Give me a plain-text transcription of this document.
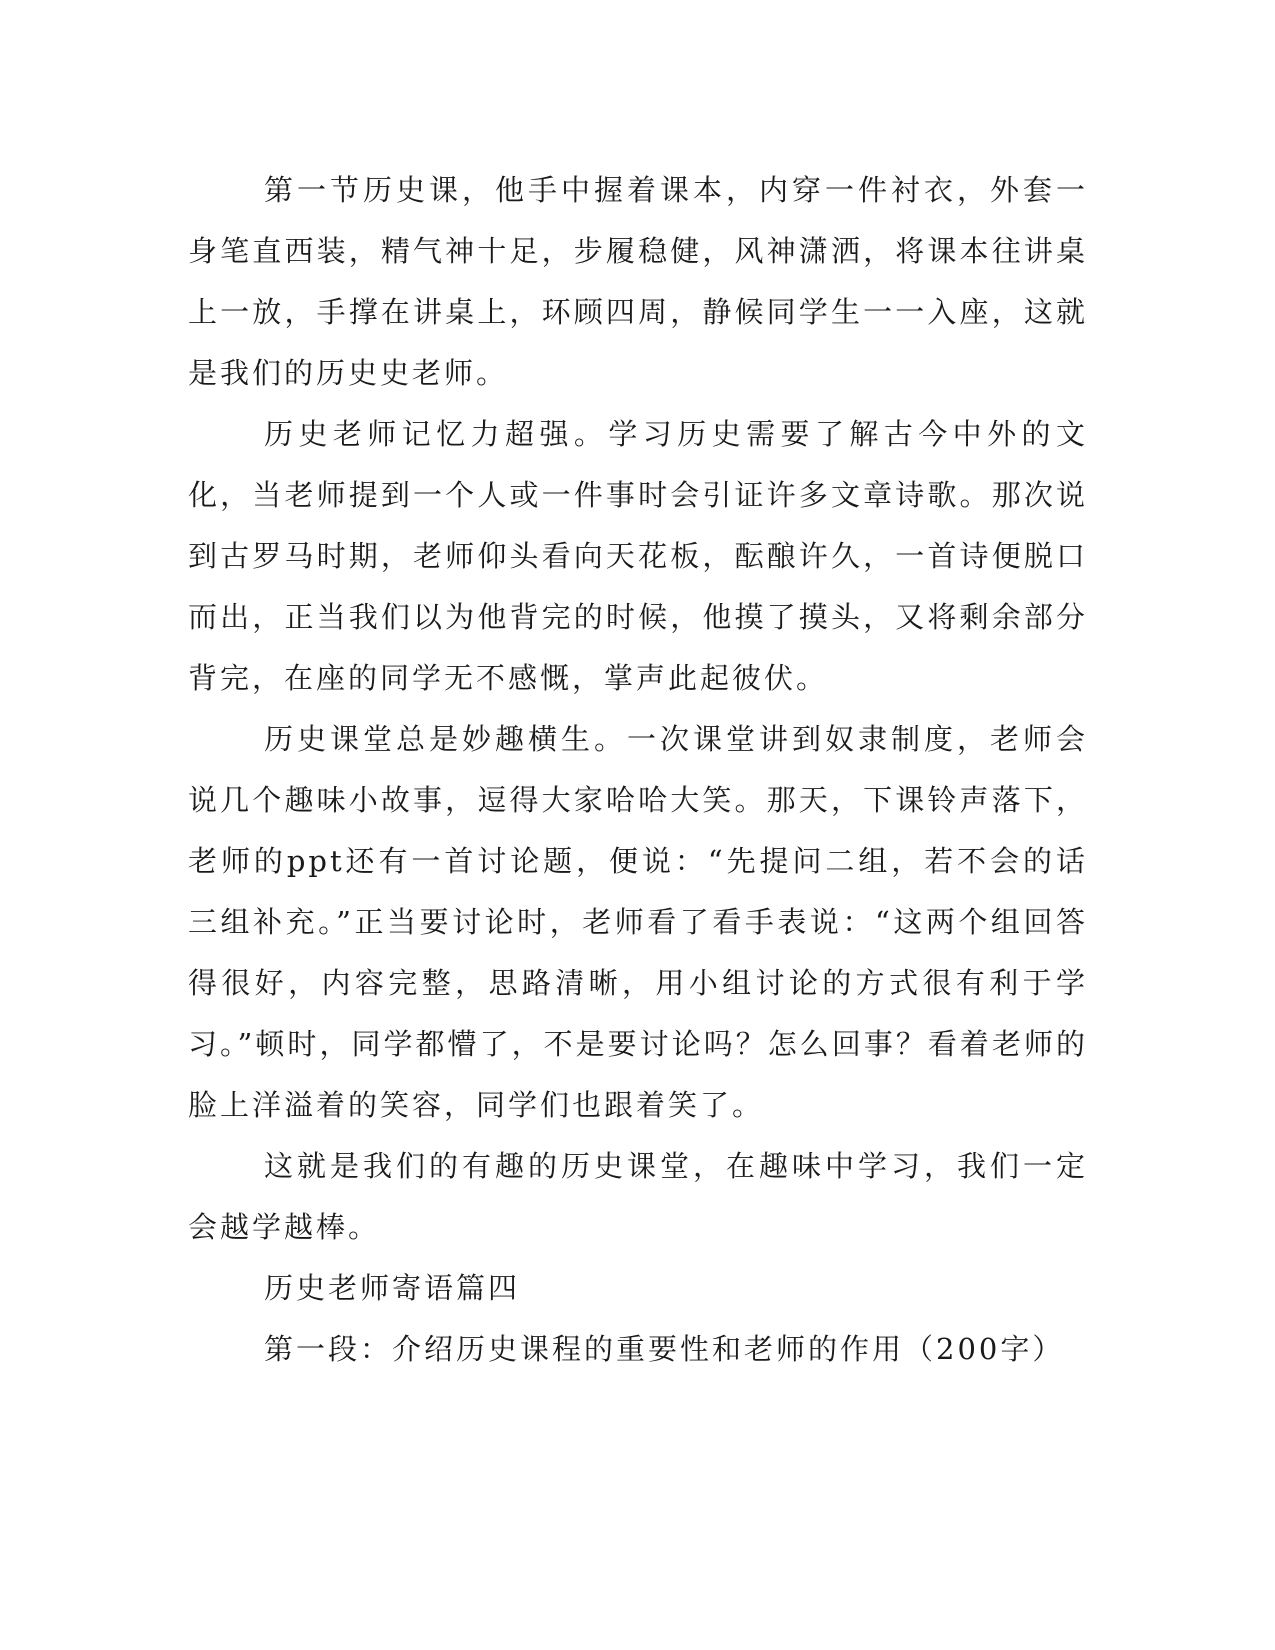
第一节历史课，他手中握着课本，内穿一件衬衣，外套一身笔直西装，精气神十足，步履稳健，风神潇洒，将课本往讲桌上一放，手撑在讲桌上，环顾四周，静候同学生一一入座，这就是我们的历史史老师。

历史老师记忆力超强。学习历史需要了解古今中外的文化，当老师提到一个人或一件事时会引证许多文章诗歌。那次说到古罗马时期，老师仰头看向天花板，酝酿许久，一首诗便脱口而出，正当我们以为他背完的时候，他摸了摸头，又将剩余部分背完，在座的同学无不感慨，掌声此起彼伏。

历史课堂总是妙趣横生。一次课堂讲到奴隶制度，老师会说几个趣味小故事，逗得大家哈哈大笑。那天，下课铃声落下，老师的ppt还有一首讨论题，便说：“先提问二组，若不会的话三组补充。”正当要讨论时，老师看了看手表说：“这两个组回答得很好，内容完整，思路清晰，用小组讨论的方式很有利于学习。”顿时，同学都懵了，不是要讨论吗？怎么回事？看着老师的脸上洋溢着的笑容，同学们也跟着笑了。

这就是我们的有趣的历史课堂，在趣味中学习，我们一定会越学越棒。

历史老师寄语篇四

第一段：介绍历史课程的重要性和老师的作用（200字）
